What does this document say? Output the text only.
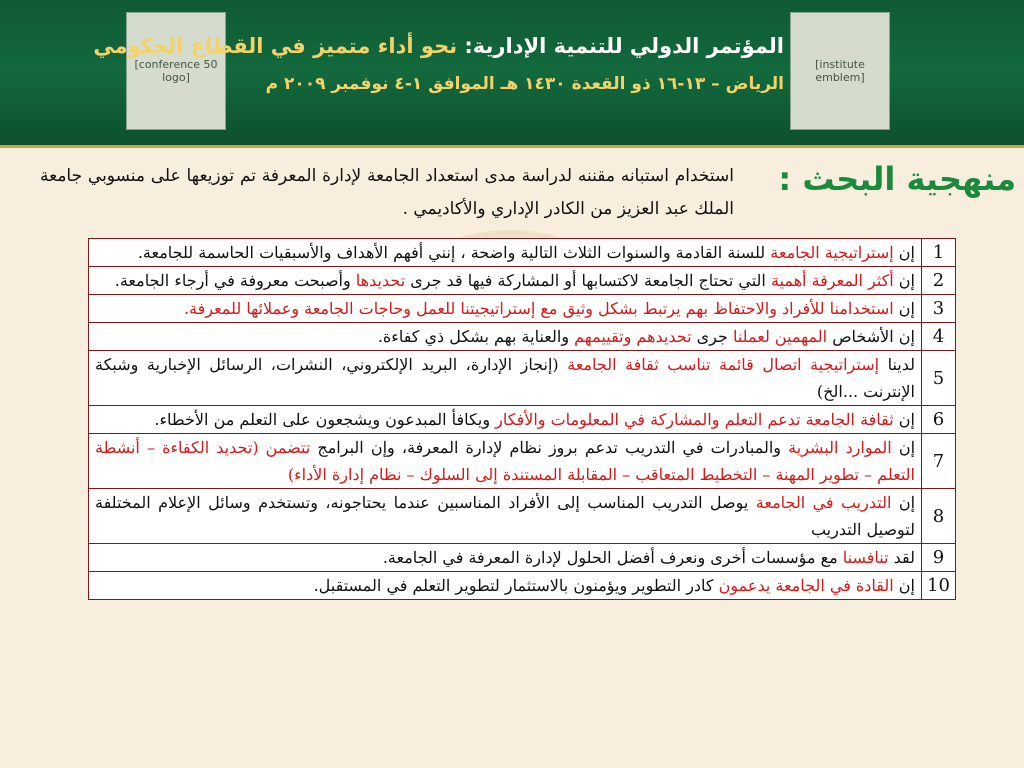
[conference 50 logo]
[institute emblem]
المؤتمر الدولي للتنمية الإدارية: نحو أداء متميز في القطاع الحكومي
الرياض – ١٣-١٦ ذو القعدة ١٤٣٠ هـ الموافق ١-٤ نوفمبر ٢٠٠٩ م
منهجية البحث :
استخدام استبانه مقننه لدراسة مدى استعداد الجامعة لإدارة المعرفة تم توزيعها على منسوبي جامعة الملك عبد العزيز من الكادر الإداري والأكاديمي .
1	إن إستراتيجية الجامعة للسنة القادمة والسنوات الثلاث التالية واضحة ، إنني أفهم الأهداف والأسبقيات الحاسمة للجامعة.
2	إن أكثر المعرفة أهمية التي تحتاج الجامعة لاكتسابها أو المشاركة فيها قد جرى تحديدها وأصبحت معروفة في أرجاء الجامعة.
3	إن استخدامنا للأفراد والاحتفاظ بهم يرتبط بشكل وثيق مع إستراتيجيتنا للعمل وحاجات الجامعة وعملائها للمعرفة.
4	إن الأشخاص المهمين لعملنا جرى تحديدهم وتقييمهم والعناية بهم بشكل ذي كفاءة.
5	لدينا إستراتيجية اتصال قائمة تناسب ثقافة الجامعة (إنجاز الإدارة، البريد الإلكتروني، النشرات، الرسائل الإخبارية وشبكة الإنترنت ...الخ)
6	إن ثقافة الجامعة تدعم التعلم والمشاركة في المعلومات والأفكار ويكافأ المبدعون ويشجعون على التعلم من الأخطاء.
7	إن الموارد البشرية والمبادرات في التدريب تدعم بروز نظام لإدارة المعرفة، وإن البرامج تتضمن (تحديد الكفاءة – أنشطة التعلم – تطوير المهنة – التخطيط المتعاقب – المقابلة المستندة إلى السلوك – نظام إدارة الأداء)
8	إن التدريب في الجامعة يوصل التدريب المناسب إلى الأفراد المناسبين عندما يحتاجونه، وتستخدم وسائل الإعلام المختلفة لتوصيل التدريب
9	لقد تنافسنا مع مؤسسات أخرى ونعرف أفضل الحلول لإدارة المعرفة في الجامعة.
10	إن القادة في الجامعة يدعمون كادر التطوير ويؤمنون بالاستثمار لتطوير التعلم في المستقبل.
